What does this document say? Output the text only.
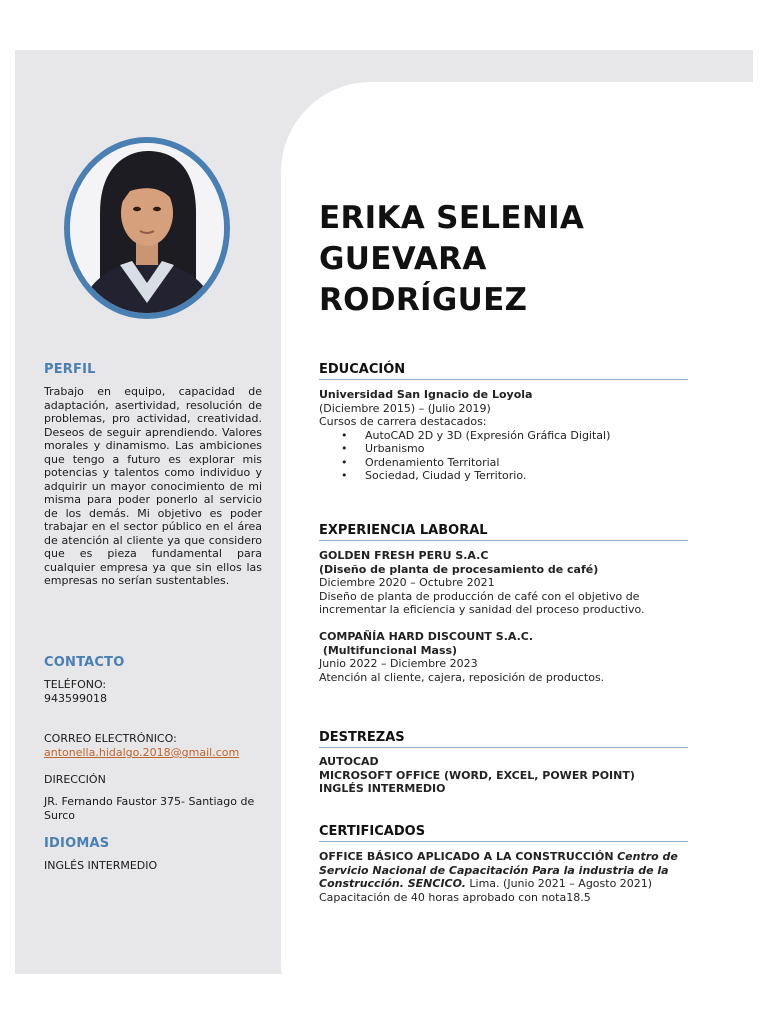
PERFIL
Trabajo en equipo, capacidad de adaptación, asertividad, resolución de problemas, pro actividad, creatividad. Deseos de seguir aprendiendo. Valores morales y dinamismo. Las ambiciones que tengo a futuro es explorar mis potencias y talentos como individuo y adquirir un mayor conocimiento de mi misma para poder ponerlo al servicio de los demás. Mi objetivo es poder trabajar en el sector público en el área de atención al cliente ya que considero que es pieza fundamental para cualquier empresa ya que sin ellos las empresas no serían sustentables.
CONTACTO
TELÉFONO:
943599018
CORREO ELECTRÓNICO:
antonella.hidalgo.2018@gmail.com
DIRECCIÓN
JR. Fernando Faustor 375- Santiago de Surco
IDIOMAS
INGLÉS INTERMEDIO
ERIKA SELENIA
GUEVARA
RODRÍGUEZ
EDUCACIÓN
Universidad San Ignacio de Loyola
(Diciembre 2015) – (Julio 2019)
Cursos de carrera destacados:
• AutoCAD 2D y 3D (Expresión Gráfica Digital)
• Urbanismo
• Ordenamiento Territorial
• Sociedad, Ciudad y Territorio.
EXPERIENCIA LABORAL
GOLDEN FRESH PERU S.A.C
(Diseño de planta de procesamiento de café)
Diciembre 2020 – Octubre 2021
Diseño de planta de producción de café con el objetivo de incrementar la eficiencia y sanidad del proceso productivo.
COMPAÑÍA HARD DISCOUNT S.A.C.
(Multifuncional Mass)
Junio 2022 – Diciembre 2023
Atención al cliente, cajera, reposición de productos.
DESTREZAS
AUTOCAD
MICROSOFT OFFICE (WORD, EXCEL, POWER POINT)
INGLÉS INTERMEDIO
CERTIFICADOS
OFFICE BÁSICO APLICADO A LA CONSTRUCCIÓN Centro de Servicio Nacional de Capacitación Para la industria de la Construcción. SENCICO. Lima. (Junio 2021 – Agosto 2021)
Capacitación de 40 horas aprobado con nota18.5
